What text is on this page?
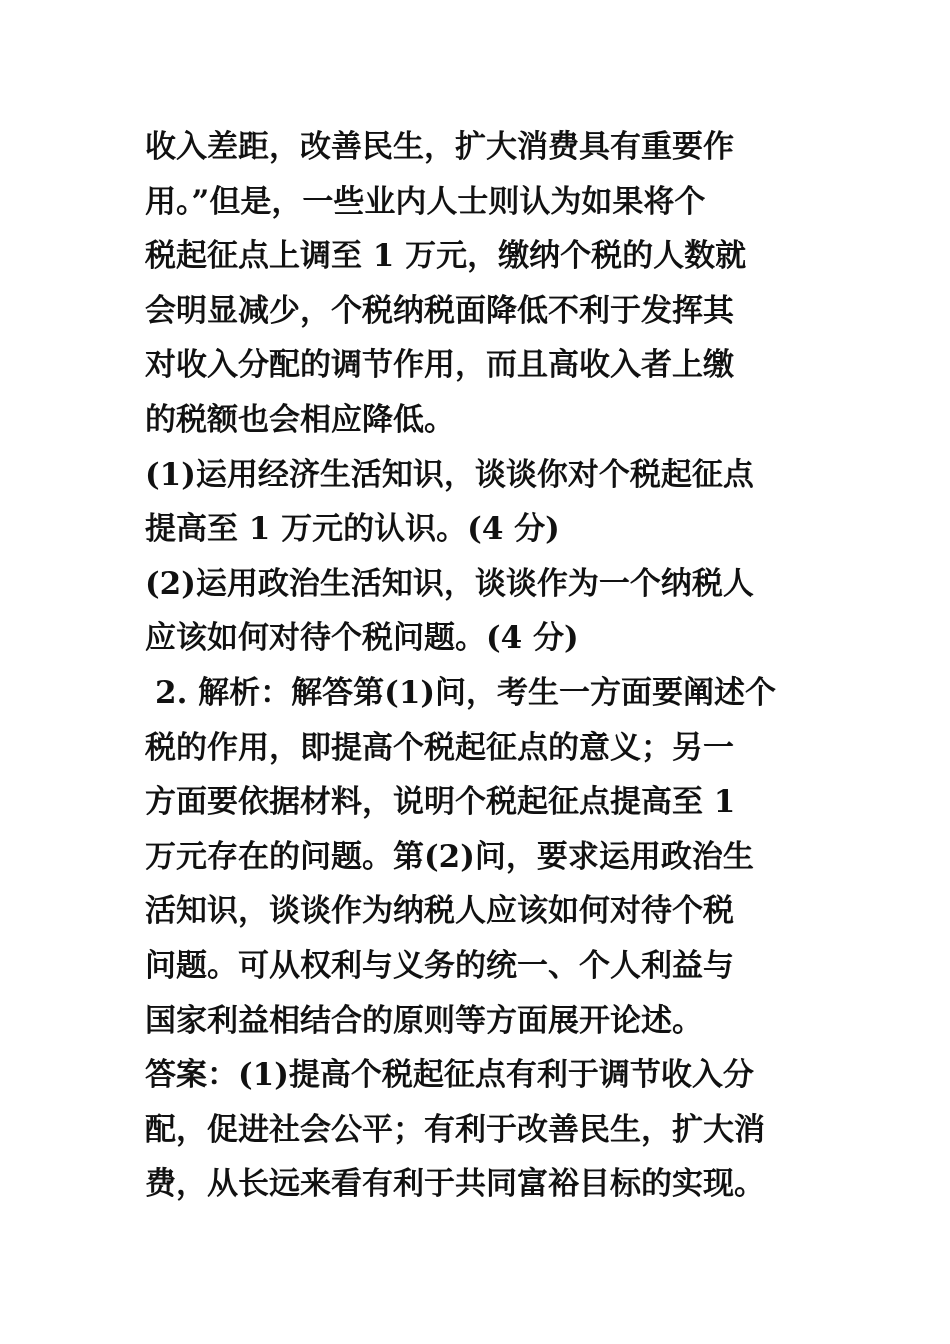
收入差距，改善民生，扩大消费具有重要作
用。”但是，一些业内人士则认为如果将个
税起征点上调至 1 万元，缴纳个税的人数就
会明显减少，个税纳税面降低不利于发挥其
对收入分配的调节作用，而且高收入者上缴
的税额也会相应降低。
(1)运用经济生活知识，谈谈你对个税起征点
提高至 1 万元的认识。(4 分)
(2)运用政治生活知识，谈谈作为一个纳税人
应该如何对待个税问题。(4 分)
2. 解析：解答第(1)问，考生一方面要阐述个
税的作用，即提高个税起征点的意义；另一
方面要依据材料，说明个税起征点提高至 1
万元存在的问题。第(2)问，要求运用政治生
活知识，谈谈作为纳税人应该如何对待个税
问题。可从权利与义务的统一、个人利益与
国家利益相结合的原则等方面展开论述。
答案：(1)提高个税起征点有利于调节收入分
配，促进社会公平；有利于改善民生，扩大消
费，从长远来看有利于共同富裕目标的实现。
